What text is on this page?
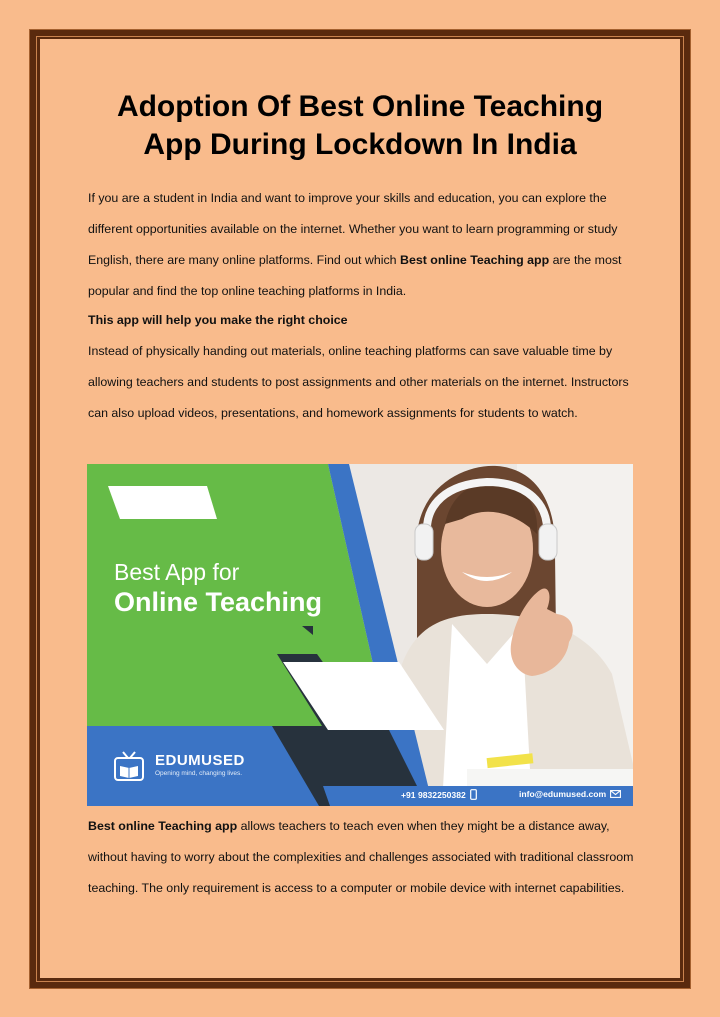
Adoption Of Best Online Teaching
App During Lockdown In India

If you are a student in India and want to improve your skills and education, you can explore the different opportunities available on the internet. Whether you want to learn programming or study English, there are many online platforms. Find out which Best online Teaching app are the most popular and find the top online teaching platforms in India.

This app will help you make the right choice

Instead of physically handing out materials, online teaching platforms can save valuable time by allowing teachers and students to post assignments and other materials on the internet. Instructors can also upload videos, presentations, and homework assignments for students to watch.

Best App for
Online Teaching
EDUMUSED
Opening mind, changing lives.
+91 9832250382	info@edumused.com

Best online Teaching app allows teachers to teach even when they might be a distance away, without having to worry about the complexities and challenges associated with traditional classroom teaching. The only requirement is access to a computer or mobile device with internet capabilities.
